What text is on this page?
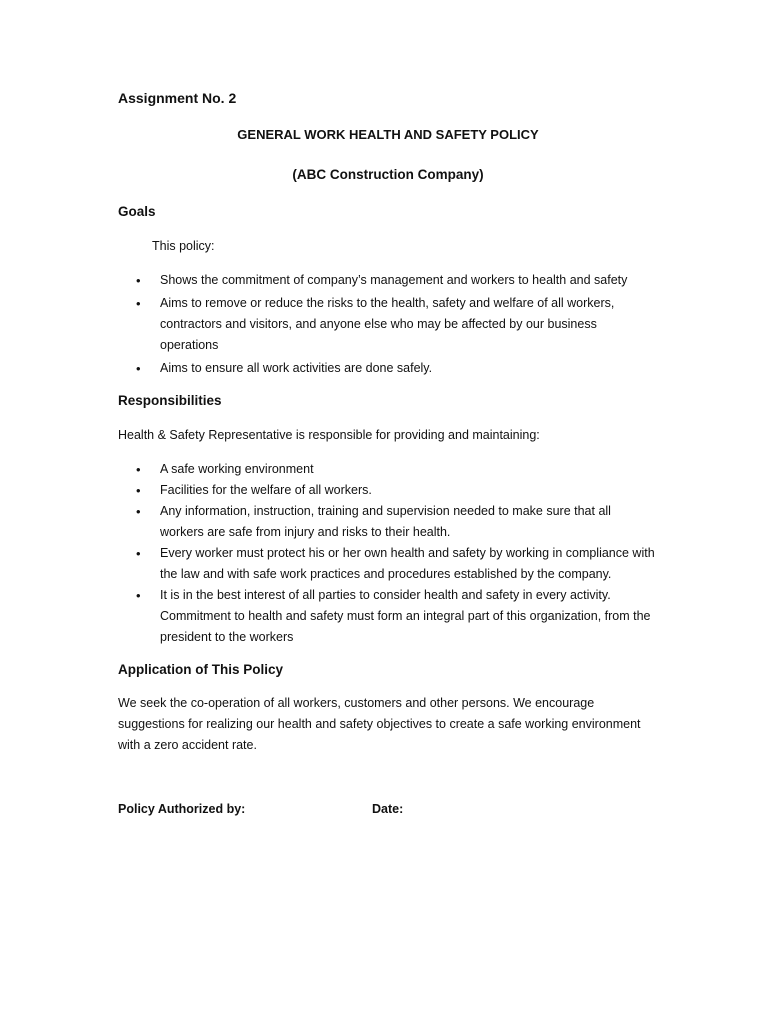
Assignment No. 2

GENERAL WORK HEALTH AND SAFETY POLICY

(ABC Construction Company)

Goals

This policy:

• Shows the commitment of company’s management and workers to health and safety
• Aims to remove or reduce the risks to the health, safety and welfare of all workers, contractors and visitors, and anyone else who may be affected by our business operations
• Aims to ensure all work activities are done safely.
Responsibilities

Health & Safety Representative is responsible for providing and maintaining:

• A safe working environment
• Facilities for the welfare of all workers.
• Any information, instruction, training and supervision needed to make sure that all workers are safe from injury and risks to their health.
• Every worker must protect his or her own health and safety by working in compliance with the law and with safe work practices and procedures established by the company.
• It is in the best interest of all parties to consider health and safety in every activity. Commitment to health and safety must form an integral part of this organization, from the president to the workers
Application of This Policy

We seek the co-operation of all workers, customers and other persons. We encourage suggestions for realizing our health and safety objectives to create a safe working environment with a zero accident rate.

Policy Authorized by:	Date:
